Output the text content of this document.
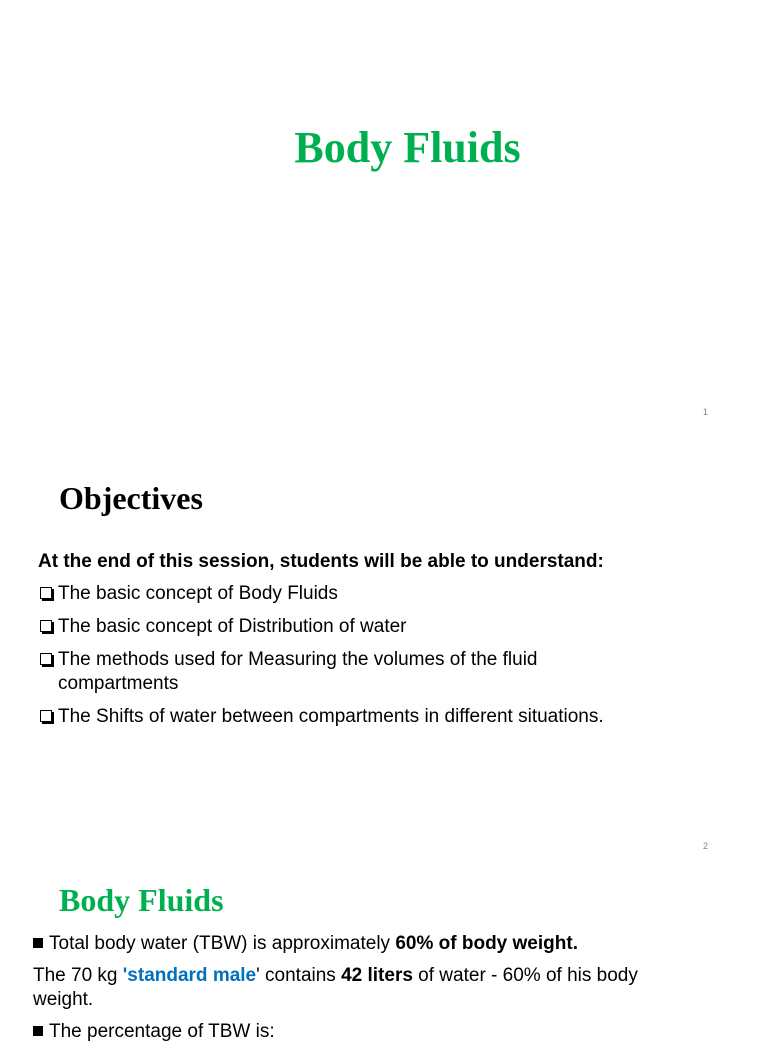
Body Fluids
1
Objectives

At the end of this session, students will be able to understand:

The basic concept of Body Fluids
The basic concept of Distribution of water
The methods used for Measuring the volumes of the fluid compartments
The Shifts of water between compartments in different situations.
2
Body Fluids

Total body water (TBW) is approximately 60% of body weight.

The 70 kg 'standard male' contains 42 liters of water - 60% of his body weight.

The percentage of TBW is:
